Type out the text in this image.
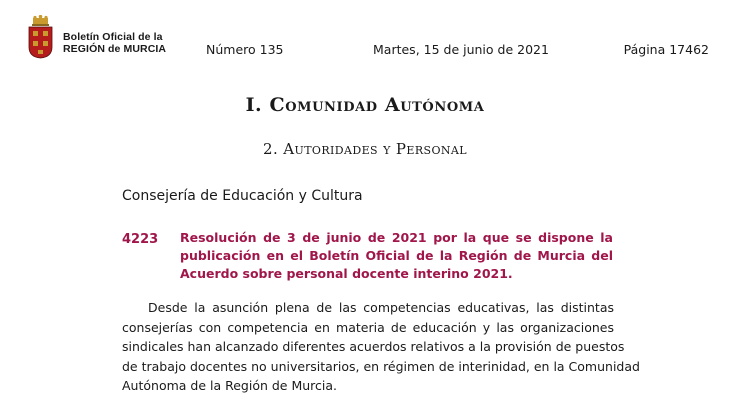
Boletín Oficial de la
REGIÓN de MURCIA	Número 135	Martes, 15 de junio de 2021	Página 17462
I. Comunidad Autónoma
2. Autoridades y Personal
Consejería de Educación y Cultura
4223 Resolución de 3 de junio de 2021 por la que se dispone la
publicación en el Boletín Oficial de la Región de Murcia del
Acuerdo sobre personal docente interino 2021.
Desde la asunción plena de las competencias educativas, las distintas
consejerías con competencia en materia de educación y las organizaciones
sindicales han alcanzado diferentes acuerdos relativos a la provisión de puestos
de trabajo docentes no universitarios, en régimen de interinidad, en la Comunidad
Autónoma de la Región de Murcia.
